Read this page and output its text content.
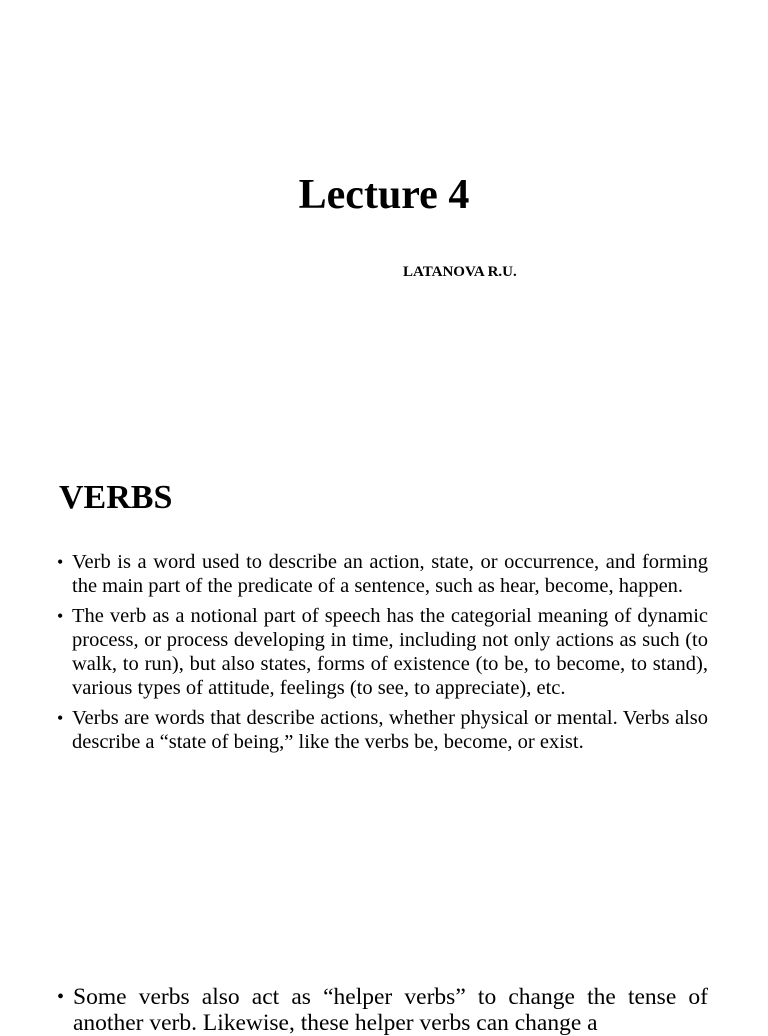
Lecture 4

LATANOVA R.U.

VERBS
• Verb is a word used to describe an action, state, or occurrence, and forming the main part of the predicate of a sentence, such as hear, become, happen.
• The verb as a notional part of speech has the categorial meaning of dynamic process, or process developing in time, including not only actions as such (to walk, to run), but also states, forms of existence (to be, to become, to stand), various types of attitude, feelings (to see, to appreciate), etc.
• Verbs are words that describe actions, whether physical or mental. Verbs also describe a “state of being,” like the verbs be, become, or exist.
• Some verbs also act as “helper verbs” to change the tense of another verb. Likewise, these helper verbs can change a
